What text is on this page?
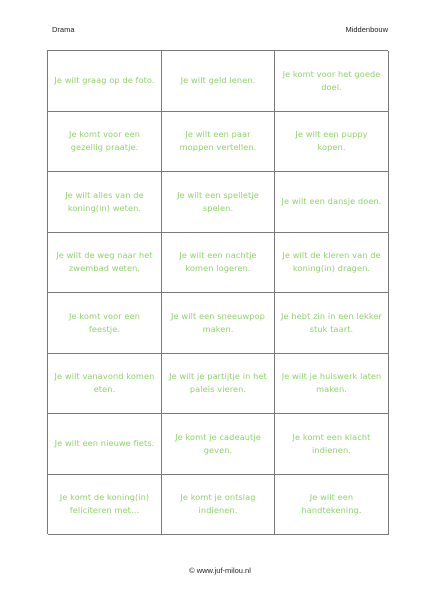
Drama	Middenbouw
Je wilt graag op de foto.	Je wilt geld lenen.
Je komt voor het goede doel.
Je komt voor een gezellig praatje.
Je wilt een paar moppen vertellen.
Je wilt een puppy kopen.
Je wilt alles van de koning(in) weten.
Je wilt een spelletje spelen.
Je wilt een dansje doen.
Je wilt de weg naar het zwembad weten.
Je wilt een nachtje komen logeren.
Je wilt de kleren van de koning(in) dragen.
Je komt voor een feestje.
Je wilt een sneeuwpop maken.
Je hebt zin in een lekker stuk taart.
Je wilt vanavond komen eten.
Je wilt je partijtje in het paleis vieren.
Je wilt je huiswerk laten maken.
Je wilt een nieuwe fiets.
Je komt je cadeautje geven.
Je komt een klacht indienen.
Je komt de koning(in) feliciteren met…
Je komt je ontslag indienen.
Je wilt een handtekening.
© www.juf-milou.nl
